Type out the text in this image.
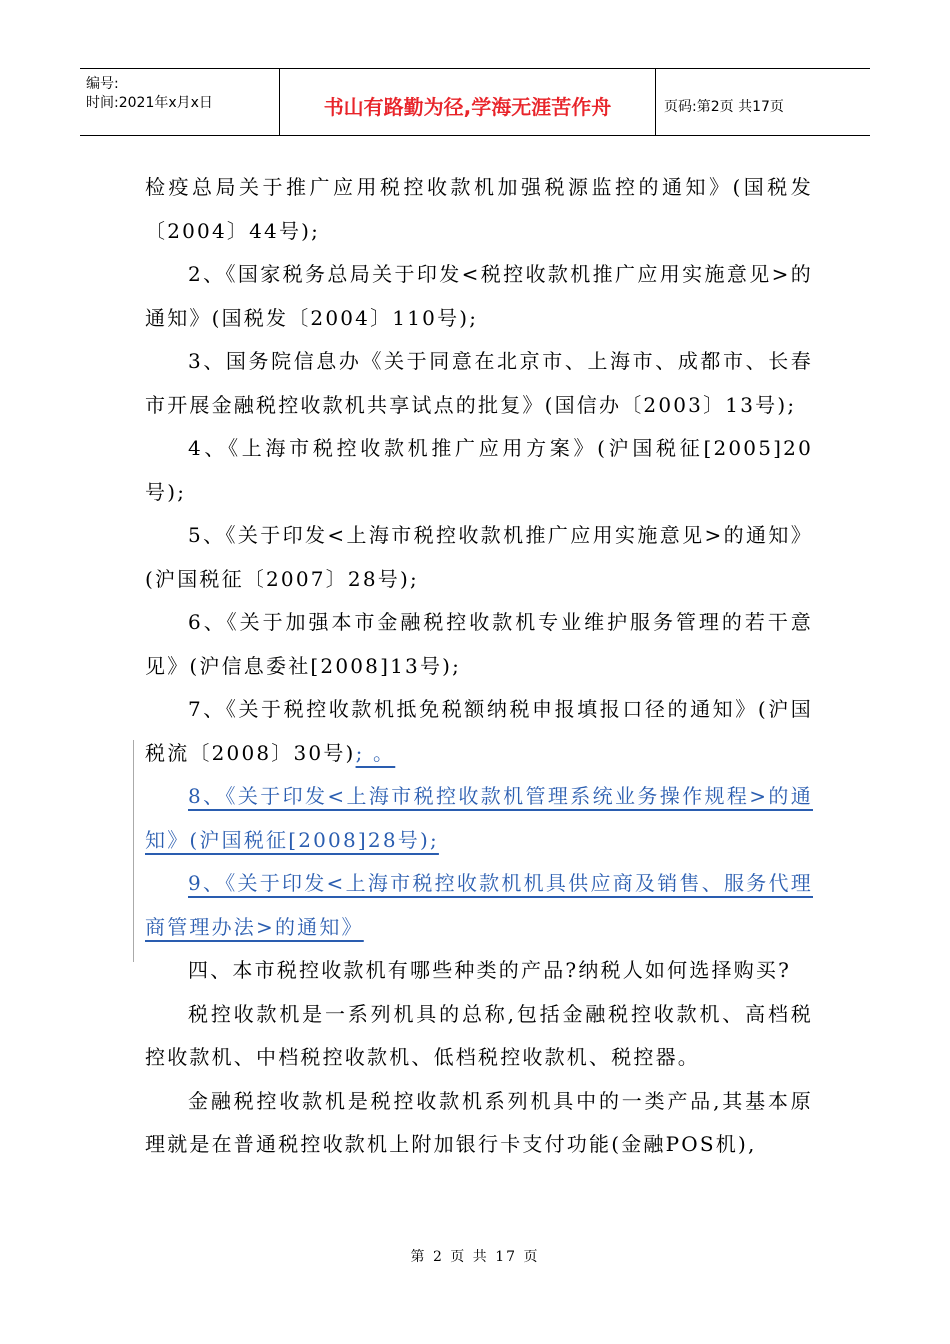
编号:
时间:2021年x月x日	书山有路勤为径,学海无涯苦作舟	页码:第2页 共17页

检疫总局关于推广应用税控收款机加强税源监控的通知》(国税发〔2004〕44号);

2、《国家税务总局关于印发<税控收款机推广应用实施意见>的通知》(国税发〔2004〕110号);

3、国务院信息办《关于同意在北京市、上海市、成都市、长春市开展金融税控收款机共享试点的批复》(国信办〔2003〕13号);

4、《上海市税控收款机推广应用方案》(沪国税征[2005]20号);

5、《关于印发<上海市税控收款机推广应用实施意见>的通知》(沪国税征〔2007〕28号);

6、《关于加强本市金融税控收款机专业维护服务管理的若干意见》(沪信息委社[2008]13号);

7、《关于税控收款机抵免税额纳税申报填报口径的通知》(沪国税流〔2008〕30号); 。

8、《关于印发<上海市税控收款机管理系统业务操作规程>的通知》(沪国税征[2008]28号);

9、《关于印发<上海市税控收款机机具供应商及销售、服务代理商管理办法>的通知》

四、本市税控收款机有哪些种类的产品?纳税人如何选择购买?

税控收款机是一系列机具的总称,包括金融税控收款机、高档税控收款机、中档税控收款机、低档税控收款机、税控器。

金融税控收款机是税控收款机系列机具中的一类产品,其基本原理就是在普通税控收款机上附加银行卡支付功能(金融POS机),

第 2 页 共 17 页
